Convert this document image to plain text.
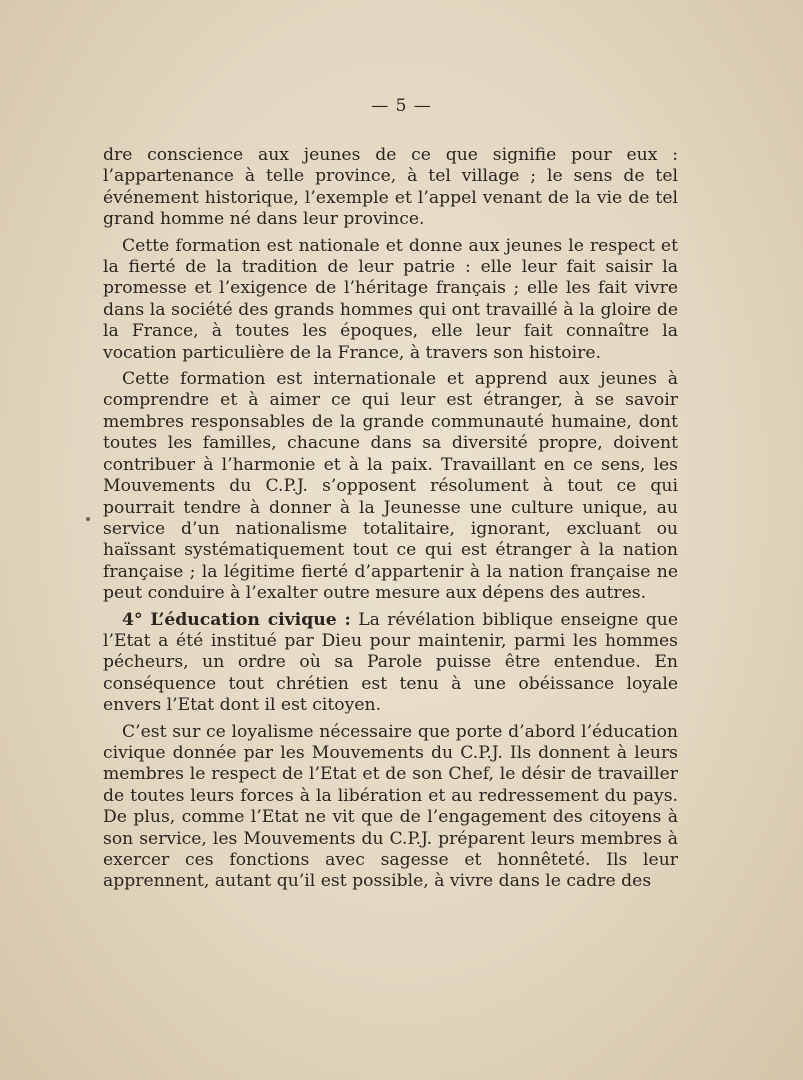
— 5 —

dre conscience aux jeunes de ce que signifie pour eux : l’appartenance à telle province, à tel village ; le sens de tel événement historique, l’exemple et l’appel venant de la vie de tel grand homme né dans leur province.

Cette formation est nationale et donne aux jeunes le respect et la fierté de la tradition de leur patrie : elle leur fait saisir la promesse et l’exigence de l’héritage français ; elle les fait vivre dans la société des grands hommes qui ont travaillé à la gloire de la France, à toutes les époques, elle leur fait connaître la vocation particulière de la France, à travers son histoire.

Cette formation est internationale et apprend aux jeunes à comprendre et à aimer ce qui leur est étranger, à se savoir membres responsables de la grande communauté humaine, dont toutes les familles, chacune dans sa diversité propre, doivent contribuer à l’harmonie et à la paix. Travaillant en ce sens, les Mouvements du C.P.J. s’opposent résolument à tout ce qui pourrait tendre à donner à la Jeunesse une culture unique, au service d’un nationalisme totalitaire, ignorant, excluant ou haïssant systématiquement tout ce qui est étranger à la nation française ; la légitime fierté d’appartenir à la nation française ne peut conduire à l’exalter outre mesure aux dépens des autres.

4° L’éducation civique : La révélation biblique enseigne que l’Etat a été institué par Dieu pour maintenir, parmi les hommes pécheurs, un ordre où sa Parole puisse être entendue. En conséquence tout chrétien est tenu à une obéissance loyale envers l’Etat dont il est citoyen.

C’est sur ce loyalisme nécessaire que porte d’abord l’éducation civique donnée par les Mouvements du C.P.J. Ils donnent à leurs membres le respect de l’Etat et de son Chef, le désir de travailler de toutes leurs forces à la libération et au redressement du pays. De plus, comme l’Etat ne vit que de l’engagement des citoyens à son service, les Mouvements du C.P.J. préparent leurs membres à exercer ces fonctions avec sagesse et honnêteté. Ils leur apprennent, autant qu’il est possible, à vivre dans le cadre des
